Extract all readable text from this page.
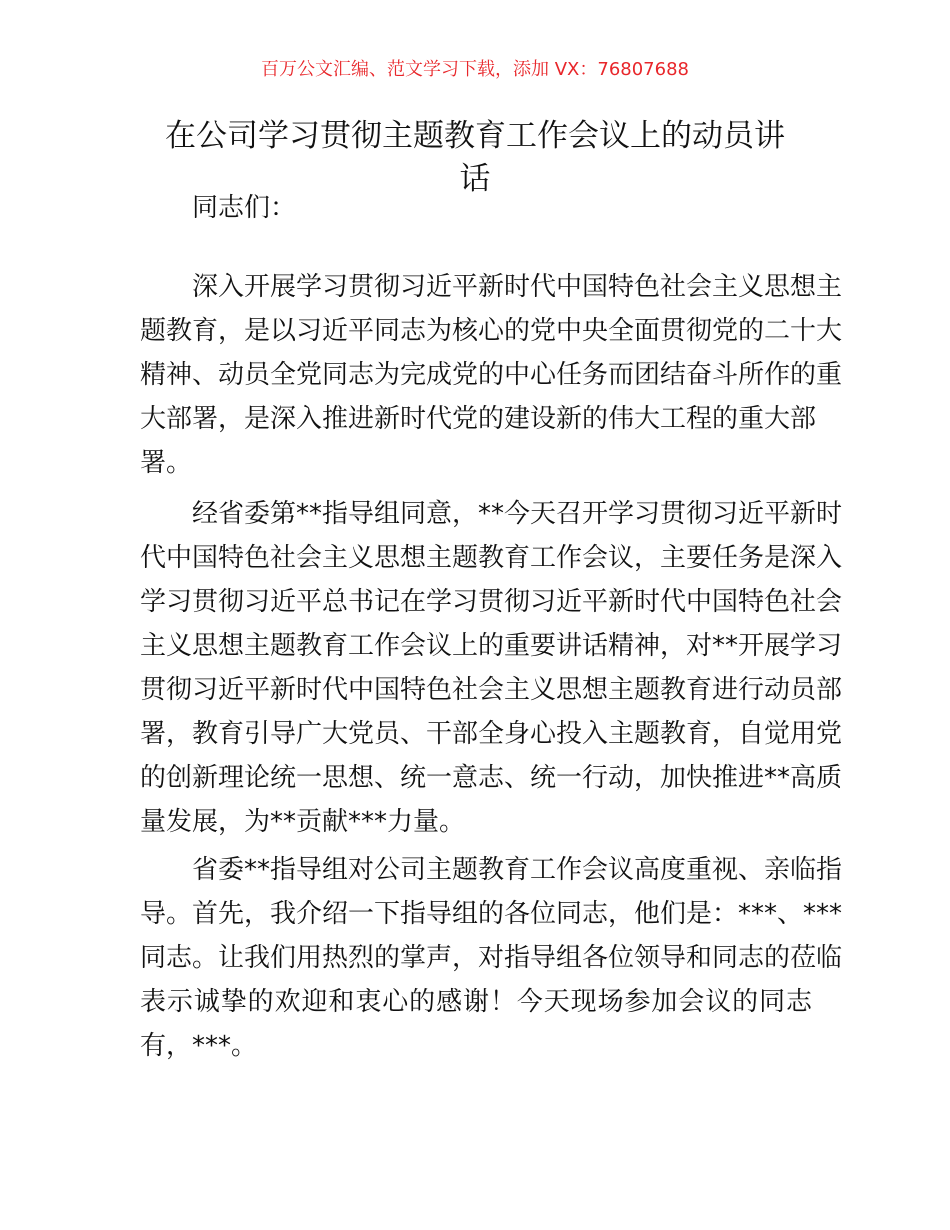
百万公文汇编、范文学习下载，添加 VX：76807688
在公司学习贯彻主题教育工作会议上的动员讲
话
同志们：
深入开展学习贯彻习近平新时代中国特色社会主义思想主
题教育，是以习近平同志为核心的党中央全面贯彻党的二十大
精神、动员全党同志为完成党的中心任务而团结奋斗所作的重
大部署，是深入推进新时代党的建设新的伟大工程的重大部
署。
经省委第**指导组同意，**今天召开学习贯彻习近平新时
代中国特色社会主义思想主题教育工作会议，主要任务是深入
学习贯彻习近平总书记在学习贯彻习近平新时代中国特色社会
主义思想主题教育工作会议上的重要讲话精神，对**开展学习
贯彻习近平新时代中国特色社会主义思想主题教育进行动员部
署，教育引导广大党员、干部全身心投入主题教育，自觉用党
的创新理论统一思想、统一意志、统一行动，加快推进**高质
量发展，为**贡献***力量。
省委**指导组对公司主题教育工作会议高度重视、亲临指
导。首先，我介绍一下指导组的各位同志，他们是：***、***
同志。让我们用热烈的掌声，对指导组各位领导和同志的莅临
表示诚挚的欢迎和衷心的感谢！今天现场参加会议的同志
有，***。
